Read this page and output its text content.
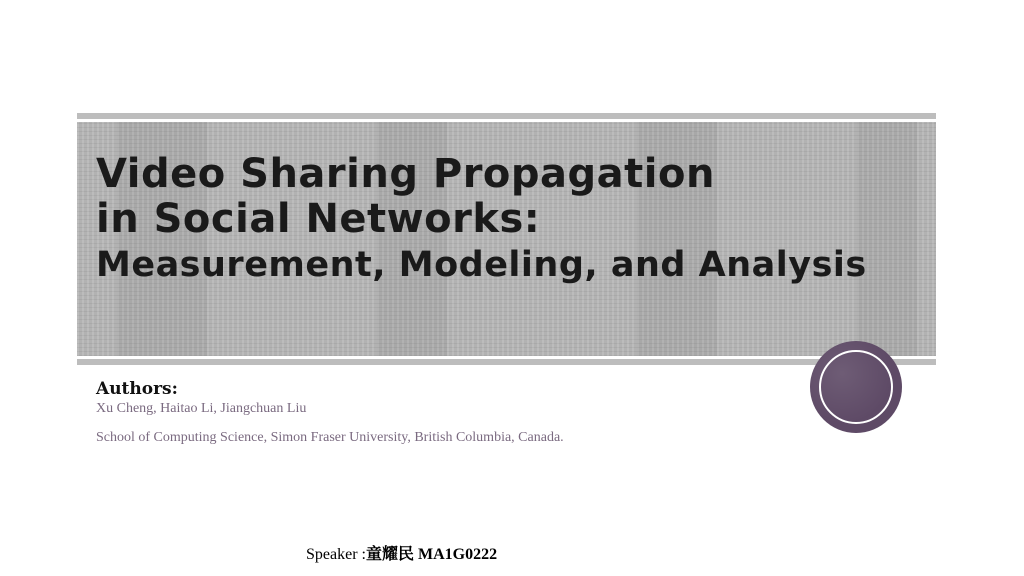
Video Sharing Propagation
in Social Networks:
Measurement, Modeling, and Analysis

Authors:

Xu Cheng, Haitao Li, Jiangchuan Liu

School of Computing Science, Simon Fraser University, British Columbia, Canada.

Speaker :童耀民 MA1G0222
